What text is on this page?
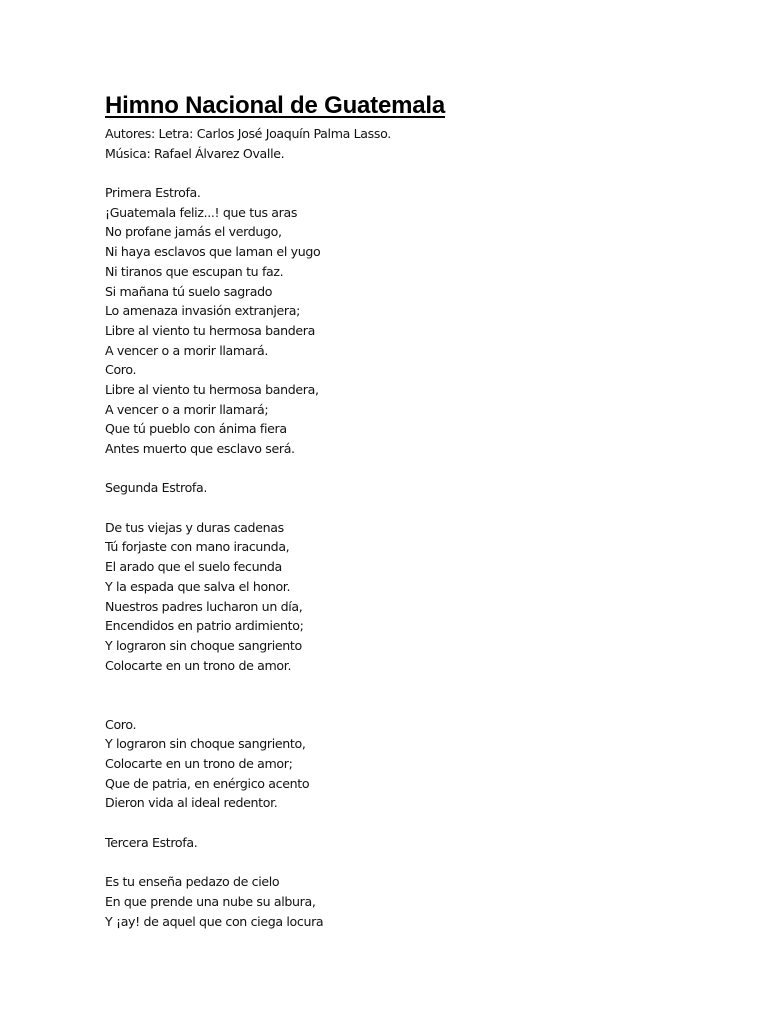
Himno Nacional de Guatemala
Autores: Letra: Carlos José Joaquín Palma Lasso.
Música: Rafael Álvarez Ovalle.
Primera Estrofa.
¡Guatemala feliz...! que tus aras
No profane jamás el verdugo,
Ni haya esclavos que laman el yugo
Ni tiranos que escupan tu faz.
Si mañana tú suelo sagrado
Lo amenaza invasión extranjera;
Libre al viento tu hermosa bandera
A vencer o a morir llamará.
Coro.
Libre al viento tu hermosa bandera,
A vencer o a morir llamará;
Que tú pueblo con ánima fiera
Antes muerto que esclavo será.
Segunda Estrofa.
De tus viejas y duras cadenas
Tú forjaste con mano iracunda,
El arado que el suelo fecunda
Y la espada que salva el honor.
Nuestros padres lucharon un día,
Encendidos en patrio ardimiento;
Y lograron sin choque sangriento
Colocarte en un trono de amor.
Coro.
Y lograron sin choque sangriento,
Colocarte en un trono de amor;
Que de patria, en enérgico acento
Dieron vida al ideal redentor.
Tercera Estrofa.
Es tu enseña pedazo de cielo
En que prende una nube su albura,
Y ¡ay! de aquel que con ciega locura
